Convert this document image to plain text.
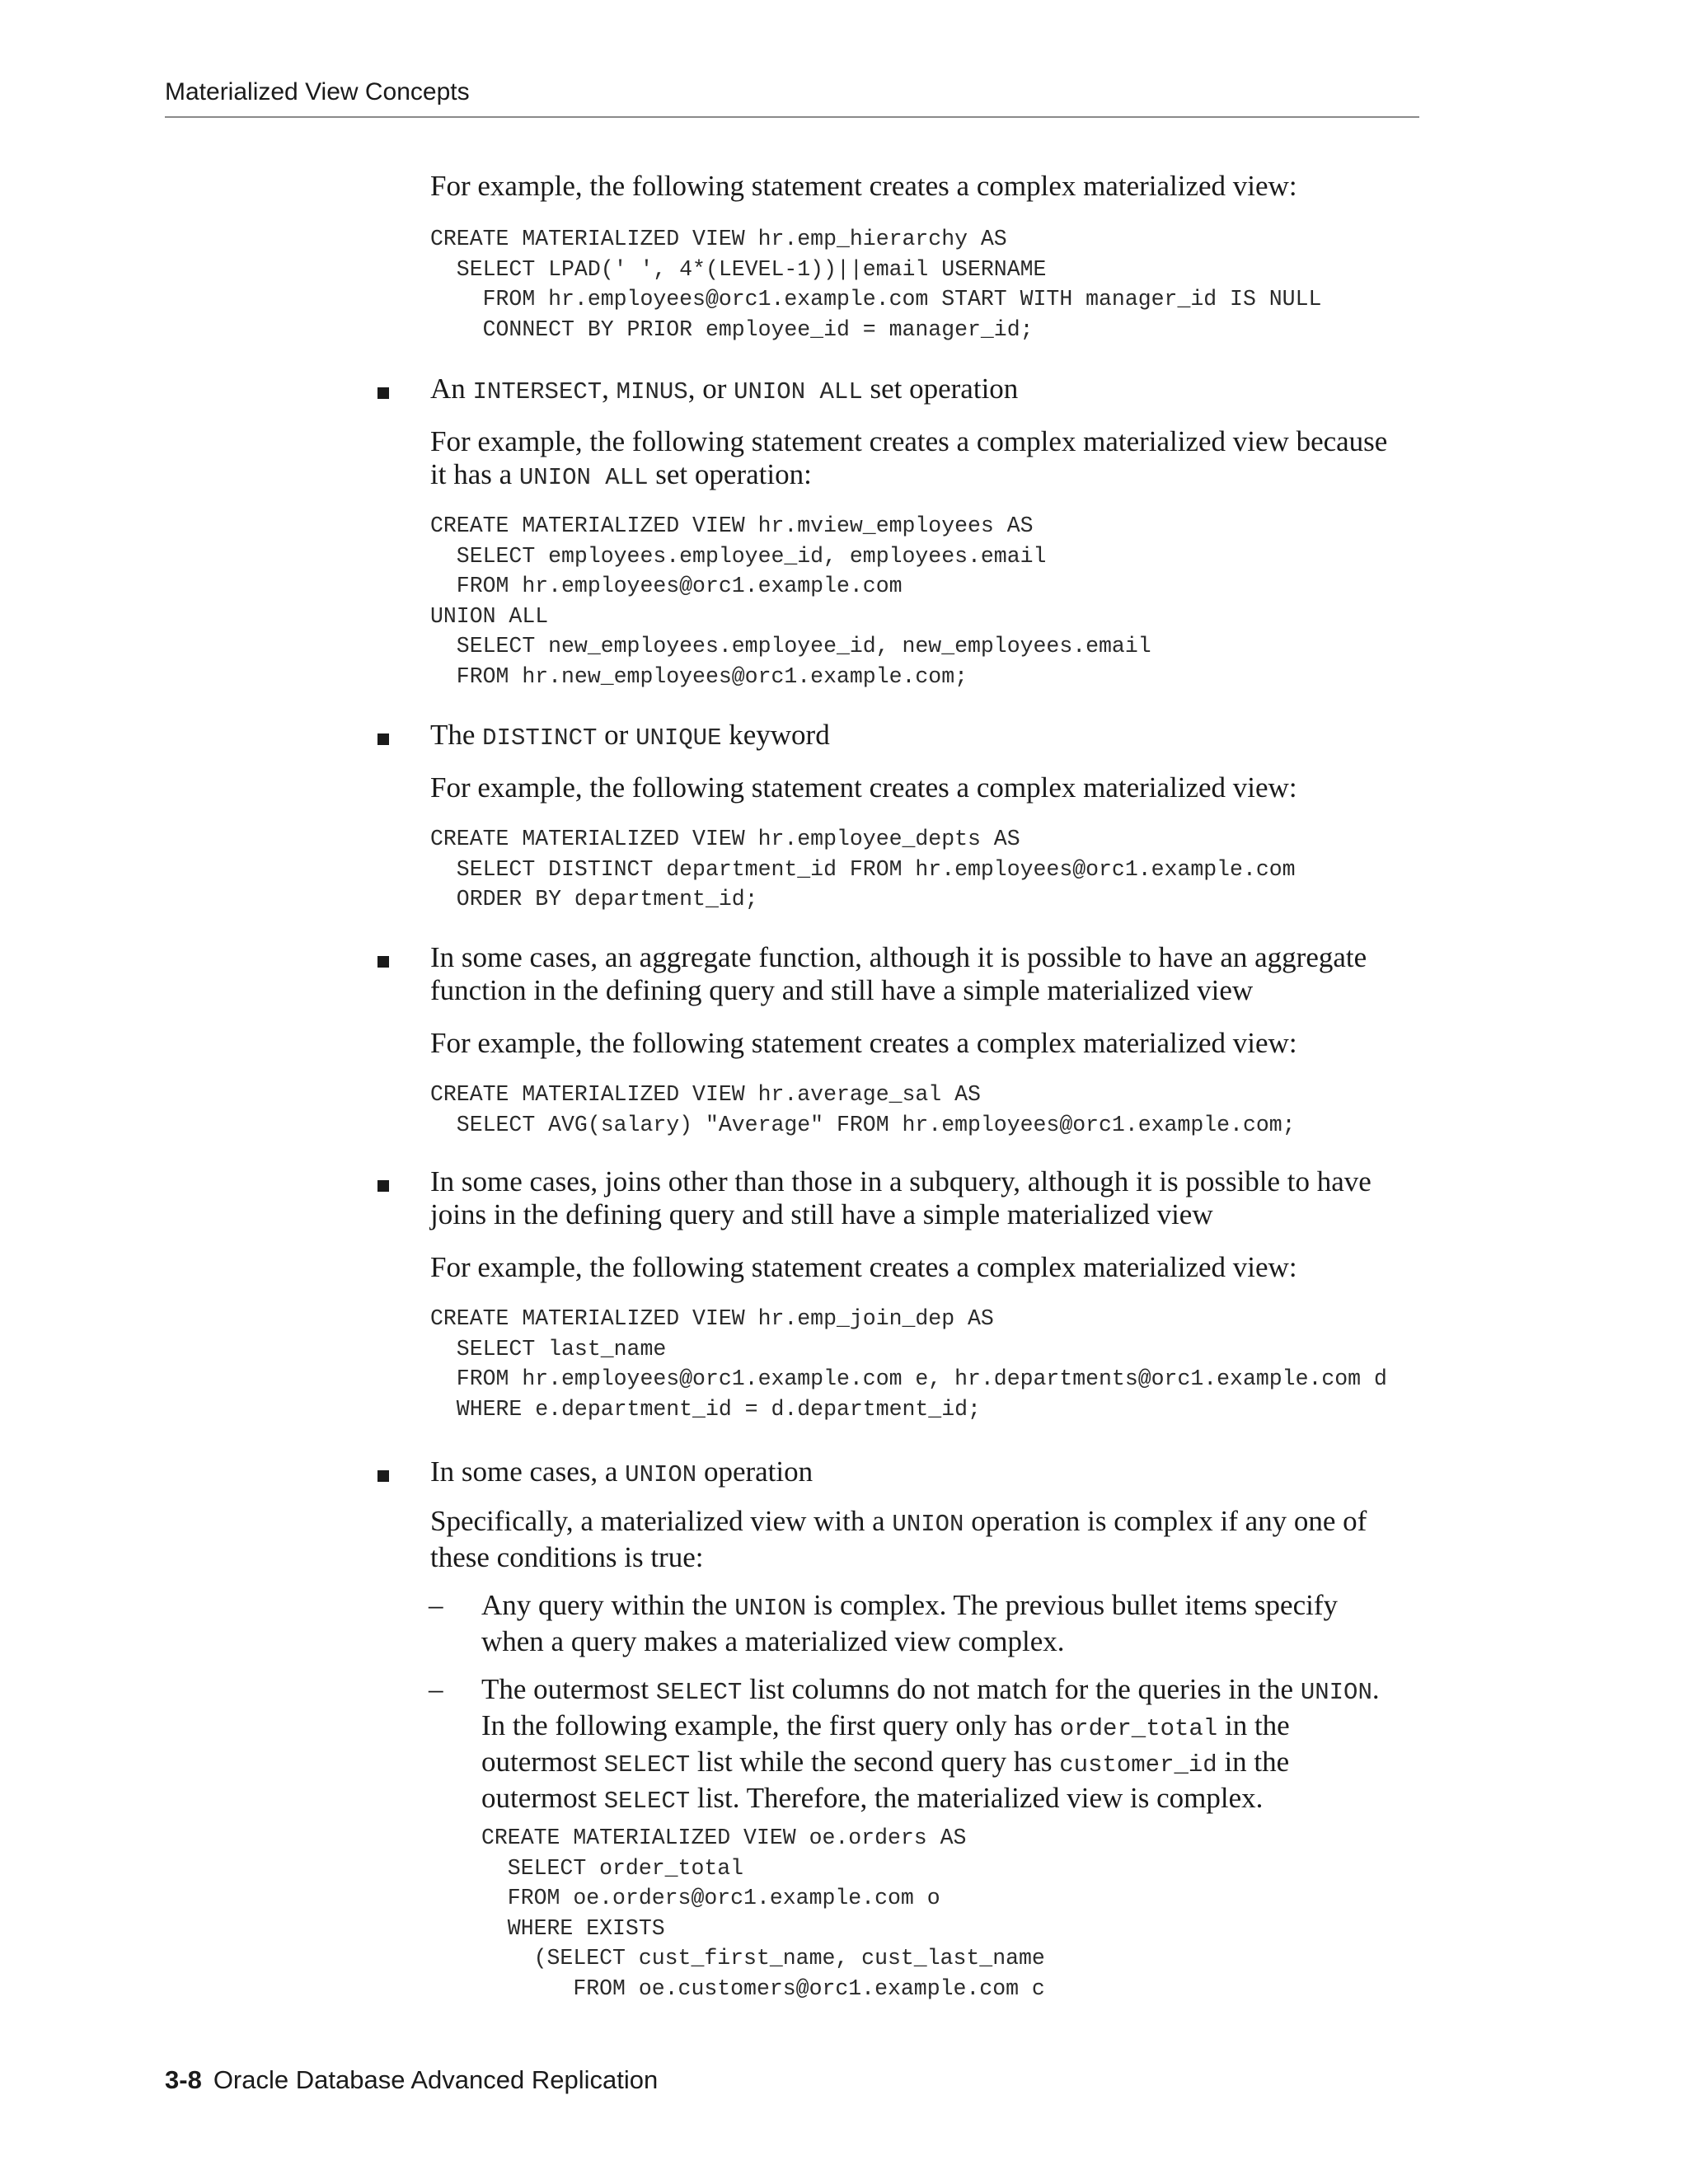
Materialized View Concepts

For example, the following statement creates a complex materialized view:

CREATE MATERIALIZED VIEW hr.emp_hierarchy AS
SELECT LPAD(' ', 4*(LEVEL-1))||email USERNAME
FROM hr.employees@orc1.example.com START WITH manager_id IS NULL
CONNECT BY PRIOR employee_id = manager_id;

An INTERSECT, MINUS, or UNION ALL set operation

For example, the following statement creates a complex materialized view because
it has a UNION ALL set operation:

CREATE MATERIALIZED VIEW hr.mview_employees AS
SELECT employees.employee_id, employees.email
FROM hr.employees@orc1.example.com
UNION ALL
SELECT new_employees.employee_id, new_employees.email
FROM hr.new_employees@orc1.example.com;

The DISTINCT or UNIQUE keyword

For example, the following statement creates a complex materialized view:

CREATE MATERIALIZED VIEW hr.employee_depts AS
SELECT DISTINCT department_id FROM hr.employees@orc1.example.com
ORDER BY department_id;

In some cases, an aggregate function, although it is possible to have an aggregate
function in the defining query and still have a simple materialized view

For example, the following statement creates a complex materialized view:

CREATE MATERIALIZED VIEW hr.average_sal AS
SELECT AVG(salary) "Average" FROM hr.employees@orc1.example.com;

In some cases, joins other than those in a subquery, although it is possible to have
joins in the defining query and still have a simple materialized view

For example, the following statement creates a complex materialized view:

CREATE MATERIALIZED VIEW hr.emp_join_dep AS
SELECT last_name
FROM hr.employees@orc1.example.com e, hr.departments@orc1.example.com d
WHERE e.department_id = d.department_id;

In some cases, a UNION operation

Specifically, a materialized view with a UNION operation is complex if any one of
these conditions is true:

– Any query within the UNION is complex. The previous bullet items specify
when a query makes a materialized view complex.

– The outermost SELECT list columns do not match for the queries in the UNION.
In the following example, the first query only has order_total in the
outermost SELECT list while the second query has customer_id in the
outermost SELECT list. Therefore, the materialized view is complex.

CREATE MATERIALIZED VIEW oe.orders AS
SELECT order_total
FROM oe.orders@orc1.example.com o
WHERE EXISTS
(SELECT cust_first_name, cust_last_name
FROM oe.customers@orc1.example.com c
3-8 Oracle Database Advanced Replication
